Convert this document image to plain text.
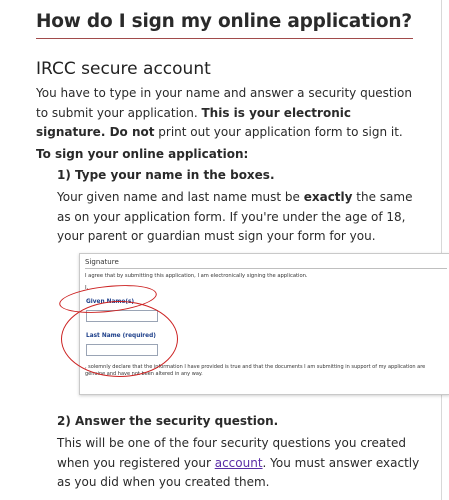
How do I sign my online application?
IRCC secure account

You have to type in your name and answer a security question to submit your application. This is your electronic signature. Do not print out your application form to sign it.

To sign your online application:

1) Type your name in the boxes.

Your given name and last name must be exactly the same as on your application form. If you're under the age of 18, your parent or guardian must sign your form for you.

Signature
I agree that by submitting this application, I am electronically signing the application.
I,
Given Name(s)
Last Name (required)
, solemnly declare that the information I have provided is true and that the documents I am submitting in support of my application are genuine and have not been altered in any way.

2) Answer the security question.

This will be one of the four security questions you created when you registered your account. You must answer exactly as you did when you created them.
